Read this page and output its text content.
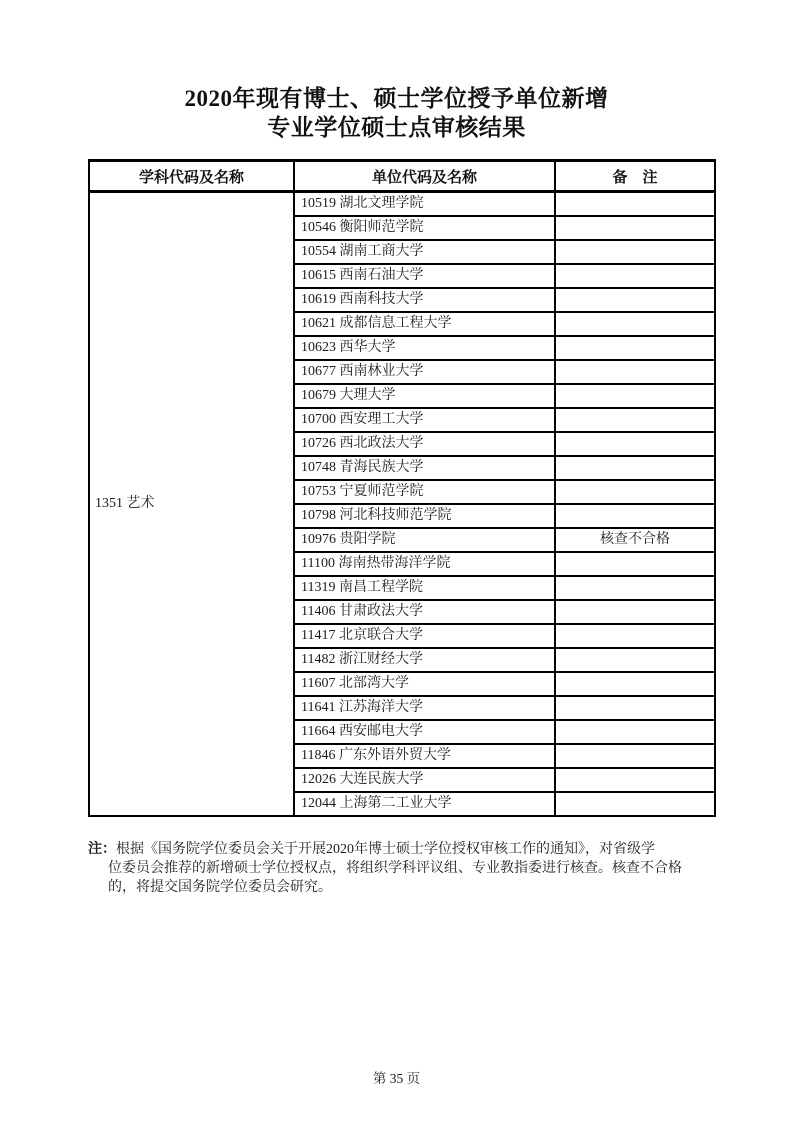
2020年现有博士、硕士学位授予单位新增
专业学位硕士点审核结果
学科代码及名称	单位代码及名称	备　注
1351 艺术	10519 湖北文理学院	
	10546 衡阳师范学院	
	10554 湖南工商大学	
	10615 西南石油大学	
	10619 西南科技大学	
	10621 成都信息工程大学	
	10623 西华大学	
	10677 西南林业大学	
	10679 大理大学	
	10700 西安理工大学	
	10726 西北政法大学	
	10748 青海民族大学	
	10753 宁夏师范学院	
	10798 河北科技师范学院	
	10976 贵阳学院	核查不合格
	11100 海南热带海洋学院	
	11319 南昌工程学院	
	11406 甘肃政法大学	
	11417 北京联合大学	
	11482 浙江财经大学	
	11607 北部湾大学	
	11641 江苏海洋大学	
	11664 西安邮电大学	
	11846 广东外语外贸大学	
	12026 大连民族大学	
	12044 上海第二工业大学	
注：根据《国务院学位委员会关于开展2020年博士硕士学位授权审核工作的通知》，对省级学
位委员会推荐的新增硕士学位授权点，将组织学科评议组、专业教指委进行核查。核查不合格
的，将提交国务院学位委员会研究。
第 35 页
